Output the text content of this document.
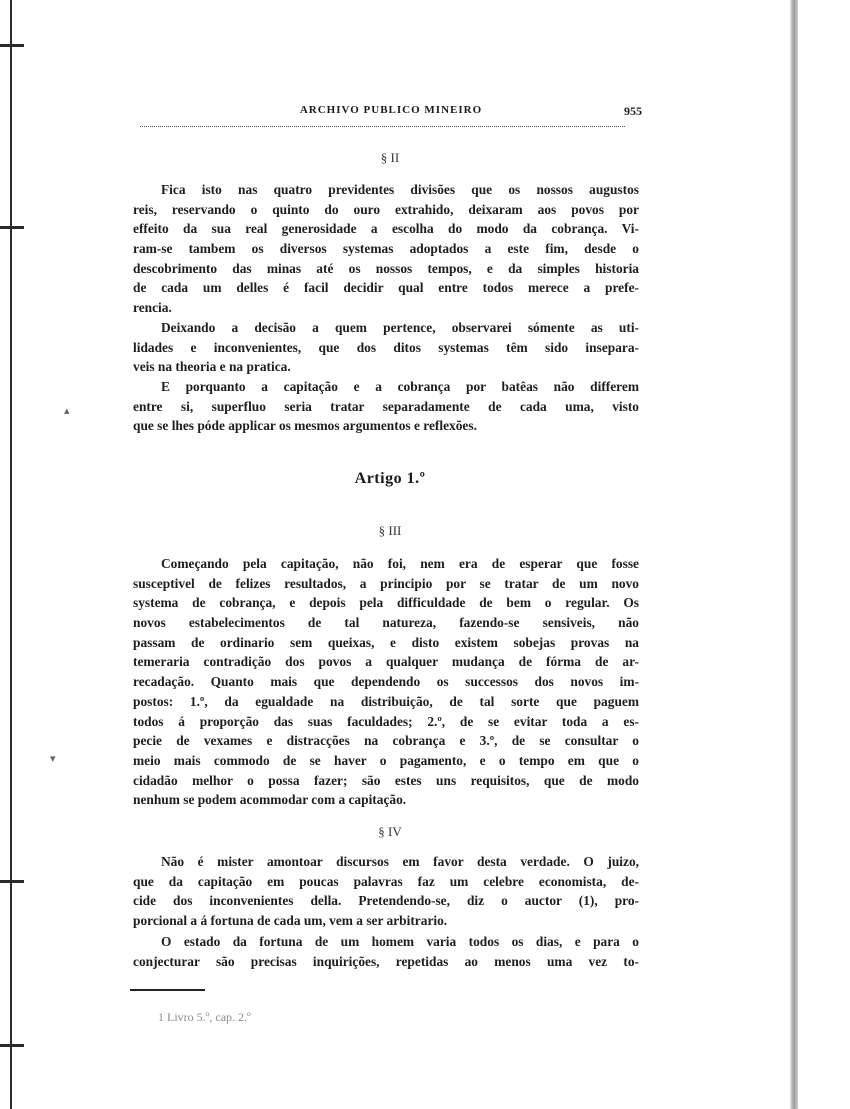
ARCHIVO PUBLICO MINEIRO	955
§ II
Fica isto nas quatro previdentes divisões que os nossos augustos
reis, reservando o quinto do ouro extrahido, deixaram aos povos por
effeito da sua real generosidade a escolha do modo da cobrança. Vi-
ram-se tambem os diversos systemas adoptados a este fim, desde o
descobrimento das minas até os nossos tempos, e da simples historia
de cada um delles é facil decidir qual entre todos merece a prefe-
rencia.
Deixando a decisão a quem pertence, observarei sómente as uti-
lidades e inconvenientes, que dos ditos systemas têm sido insepara-
veis na theoria e na pratica.
E porquanto a capitação e a cobrança por batêas não differem
entre si, superfluo seria tratar separadamente de cada uma, visto
que se lhes póde applicar os mesmos argumentos e reflexões.
▴
Artigo 1.º
§ III
Começando pela capitação, não foi, nem era de esperar que fosse
susceptivel de felizes resultados, a principio por se tratar de um novo
systema de cobrança, e depois pela difficuldade de bem o regular. Os
novos estabelecimentos de tal natureza, fazendo-se sensiveis, não
passam de ordinario sem queixas, e disto existem sobejas provas na
temeraria contradição dos povos a qualquer mudança de fórma de ar-
recadação. Quanto mais que dependendo os successos dos novos im-
postos: 1.º, da egualdade na distribuição, de tal sorte que paguem
todos á proporção das suas faculdades; 2.º, de se evitar toda a es-
pecie de vexames e distracções na cobrança e 3.º, de se consultar o
meio mais commodo de se haver o pagamento, e o tempo em que o
cidadão melhor o possa fazer; são estes uns requisitos, que de modo
nenhum se podem acommodar com a capitação.
▾
§ IV
Não é mister amontoar discursos em favor desta verdade. O juizo,
que da capitação em poucas palavras faz um celebre economista, de-
cide dos inconvenientes della. Pretendendo-se, diz o auctor (1), pro-
porcional a á fortuna de cada um, vem a ser arbitrario.
O estado da fortuna de um homem varia todos os dias, e para o
conjecturar são precisas inquirições, repetidas ao menos uma vez to-
1 Livro 5.º, cap. 2.º
